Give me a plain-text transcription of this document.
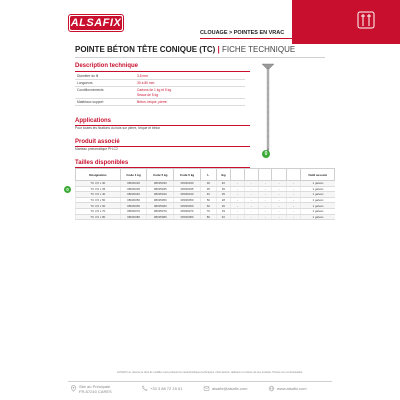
ALSAFIX
CLOUAGE > POINTES EN VRAC
POINTE BÉTON TÊTE CONIQUE (TC) | FICHE TECHNIQUE
Description technique
Diamètre du fil	3,5 mm
Longueurs	30 à 80 mm
Conditionnements	Cartons de 1 kg et 5 kg
Seaux de 5 kg
Matériaux support	Béton, brique, pierre
0
Applications
Pour toutes les fixations du bois sur pierre, brique et béton
Produit associé
Marteau pneumatique PH-C2
Tailles disponibles
0
Désignation	Code 1 kg	Code 5 kg	Code 5 kg	L	/kg						Outil associé
TC 3,5 x 30	08030030	08035030	08036030	30	46	-	-	-	-	-	1 galvan
TC 3,5 x 35	08030035	08035035	08036035	35	35	-	-	-	-	-	1 galvan
TC 3,5 x 40	08030040	08035040	08036040	40	35	-	-	-	-	-	1 galvan
TC 3,5 x 50	08030050	08035050	08036050	50	28	-	-	-	-	-	1 galvan
TC 3,5 x 60	08030060	08035060	08036060	60	26	-	-	-	-	-	1 galvan
TC 3,5 x 70	08030070	08035070	08036070	70	33	-	-	-	-	-	1 galvan
TC 3,5 x 80	08030080	08035080	08036080	80	40	-	-	-	-	-	1 galvan
ALSAFIX se réserve le droit de modifier sans préavis les caractéristiques techniques, informations, tableaux et notices de ses produits. Photos non contractuelles.
Site au Principale
FR-67240 CARES
+33 3 88 72 15 51	alsafix@alsafix.com	www.alsafix.com
